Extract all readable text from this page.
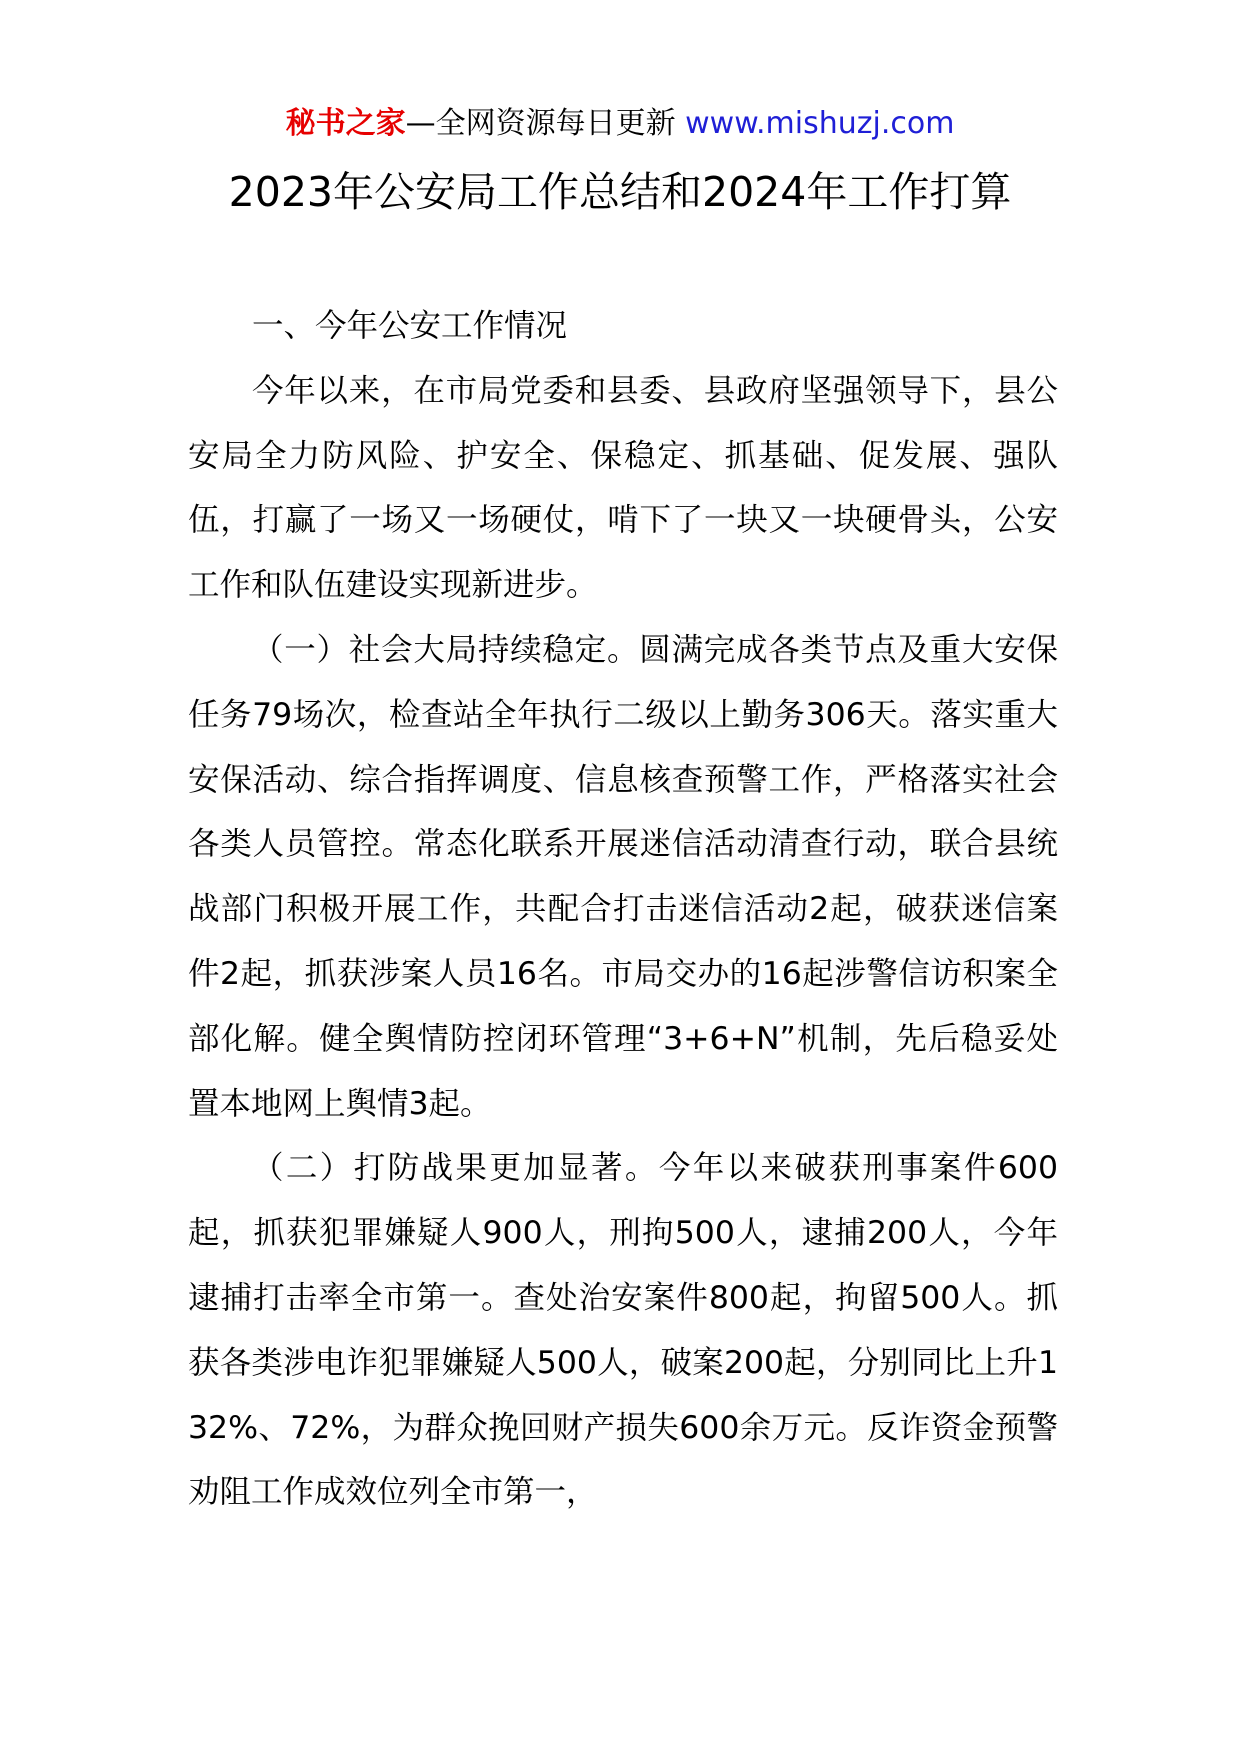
秘书之家—全网资源每日更新 www.mishuzj.com
2023年公安局工作总结和2024年工作打算

一、今年公安工作情况

今年以来，在市局党委和县委、县政府坚强领导下，县公安局全力防风险、护安全、保稳定、抓基础、促发展、强队伍，打赢了一场又一场硬仗，啃下了一块又一块硬骨头，公安工作和队伍建设实现新进步。

（一）社会大局持续稳定。圆满完成各类节点及重大安保任务79场次，检查站全年执行二级以上勤务306天。落实重大安保活动、综合指挥调度、信息核查预警工作，严格落实社会各类人员管控。常态化联系开展迷信活动清查行动，联合县统战部门积极开展工作，共配合打击迷信活动2起，破获迷信案件2起，抓获涉案人员16名。市局交办的16起涉警信访积案全部化解。健全舆情防控闭环管理“3+6+N”机制，先后稳妥处置本地网上舆情3起。

（二）打防战果更加显著。今年以来破获刑事案件600起，抓获犯罪嫌疑人900人，刑拘500人，逮捕200人，今年逮捕打击率全市第一。查处治安案件800起，拘留500人。抓获各类涉电诈犯罪嫌疑人500人，破案200起，分别同比上升132%、72%，为群众挽回财产损失600余万元。反诈资金预警劝阻工作成效位列全市第一，
